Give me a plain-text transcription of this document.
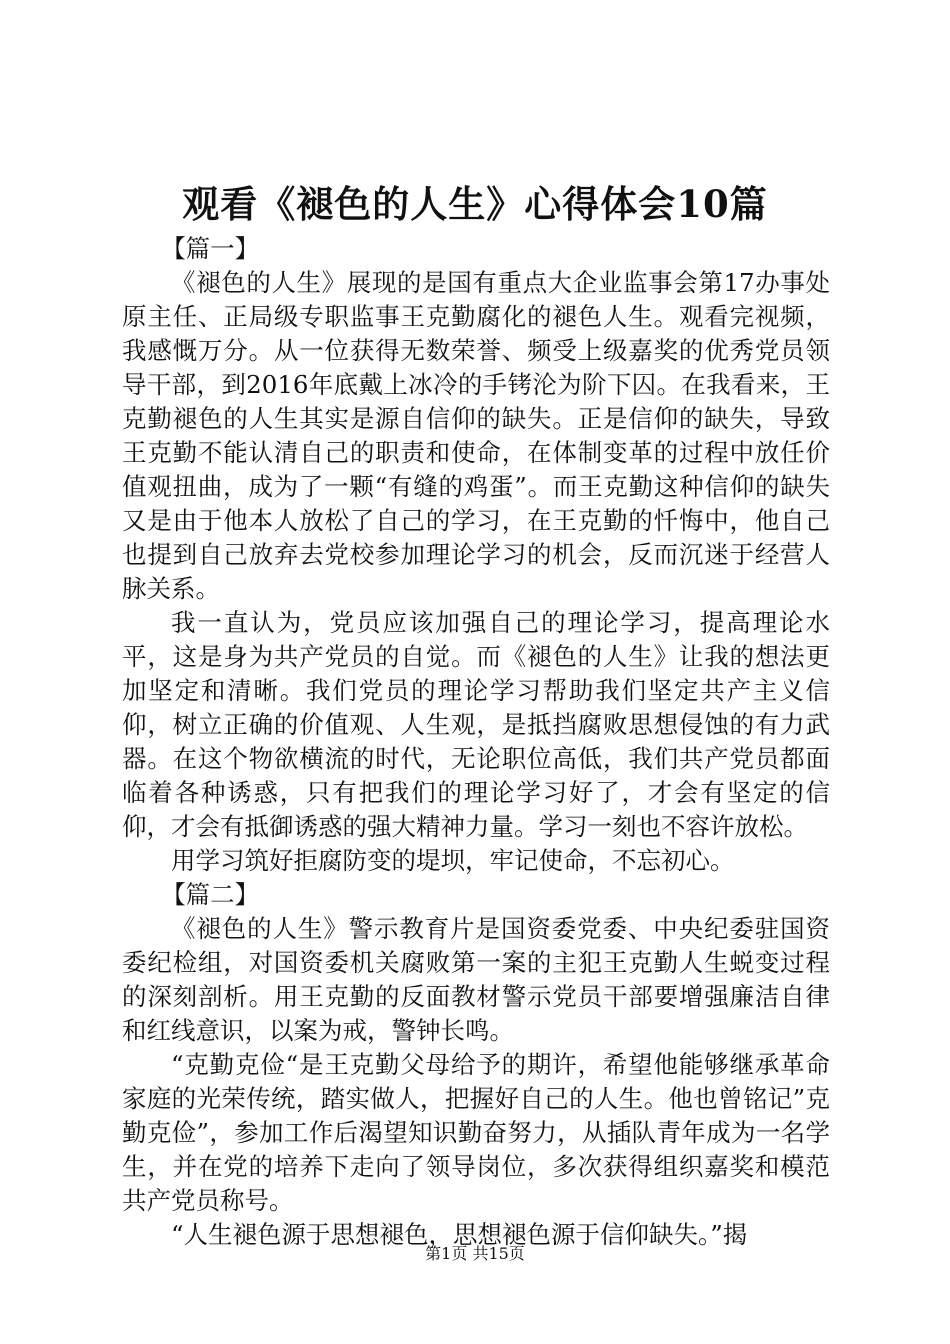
观看《褪色的人生》心得体会10篇

【篇一】

《褪色的人生》展现的是国有重点大企业监事会第17办事处原主任、正局级专职监事王克勤腐化的褪色人生。观看完视频，我感慨万分。从一位获得无数荣誉、频受上级嘉奖的优秀党员领导干部，到2016年底戴上冰冷的手铐沦为阶下囚。在我看来，王克勤褪色的人生其实是源自信仰的缺失。正是信仰的缺失，导致王克勤不能认清自己的职责和使命，在体制变革的过程中放任价值观扭曲，成为了一颗“有缝的鸡蛋”。而王克勤这种信仰的缺失又是由于他本人放松了自己的学习，在王克勤的忏悔中，他自己也提到自己放弃去党校参加理论学习的机会，反而沉迷于经营人脉关系。

我一直认为，党员应该加强自己的理论学习，提高理论水平，这是身为共产党员的自觉。而《褪色的人生》让我的想法更加坚定和清晰。我们党员的理论学习帮助我们坚定共产主义信仰，树立正确的价值观、人生观，是抵挡腐败思想侵蚀的有力武器。在这个物欲横流的时代，无论职位高低，我们共产党员都面临着各种诱惑，只有把我们的理论学习好了，才会有坚定的信仰，才会有抵御诱惑的强大精神力量。学习一刻也不容许放松。

用学习筑好拒腐防变的堤坝，牢记使命，不忘初心。

【篇二】

《褪色的人生》警示教育片是国资委党委、中央纪委驻国资委纪检组，对国资委机关腐败第一案的主犯王克勤人生蜕变过程的深刻剖析。用王克勤的反面教材警示党员干部要增强廉洁自律和红线意识，以案为戒，警钟长鸣。

“克勤克俭“是王克勤父母给予的期许，希望他能够继承革命家庭的光荣传统，踏实做人，把握好自己的人生。他也曾铭记”克勤克俭”，参加工作后渴望知识勤奋努力，从插队青年成为一名学生，并在党的培养下走向了领导岗位，多次获得组织嘉奖和模范共产党员称号。

“人生褪色源于思想褪色，思想褪色源于信仰缺失。”揭

第1页 共15页
